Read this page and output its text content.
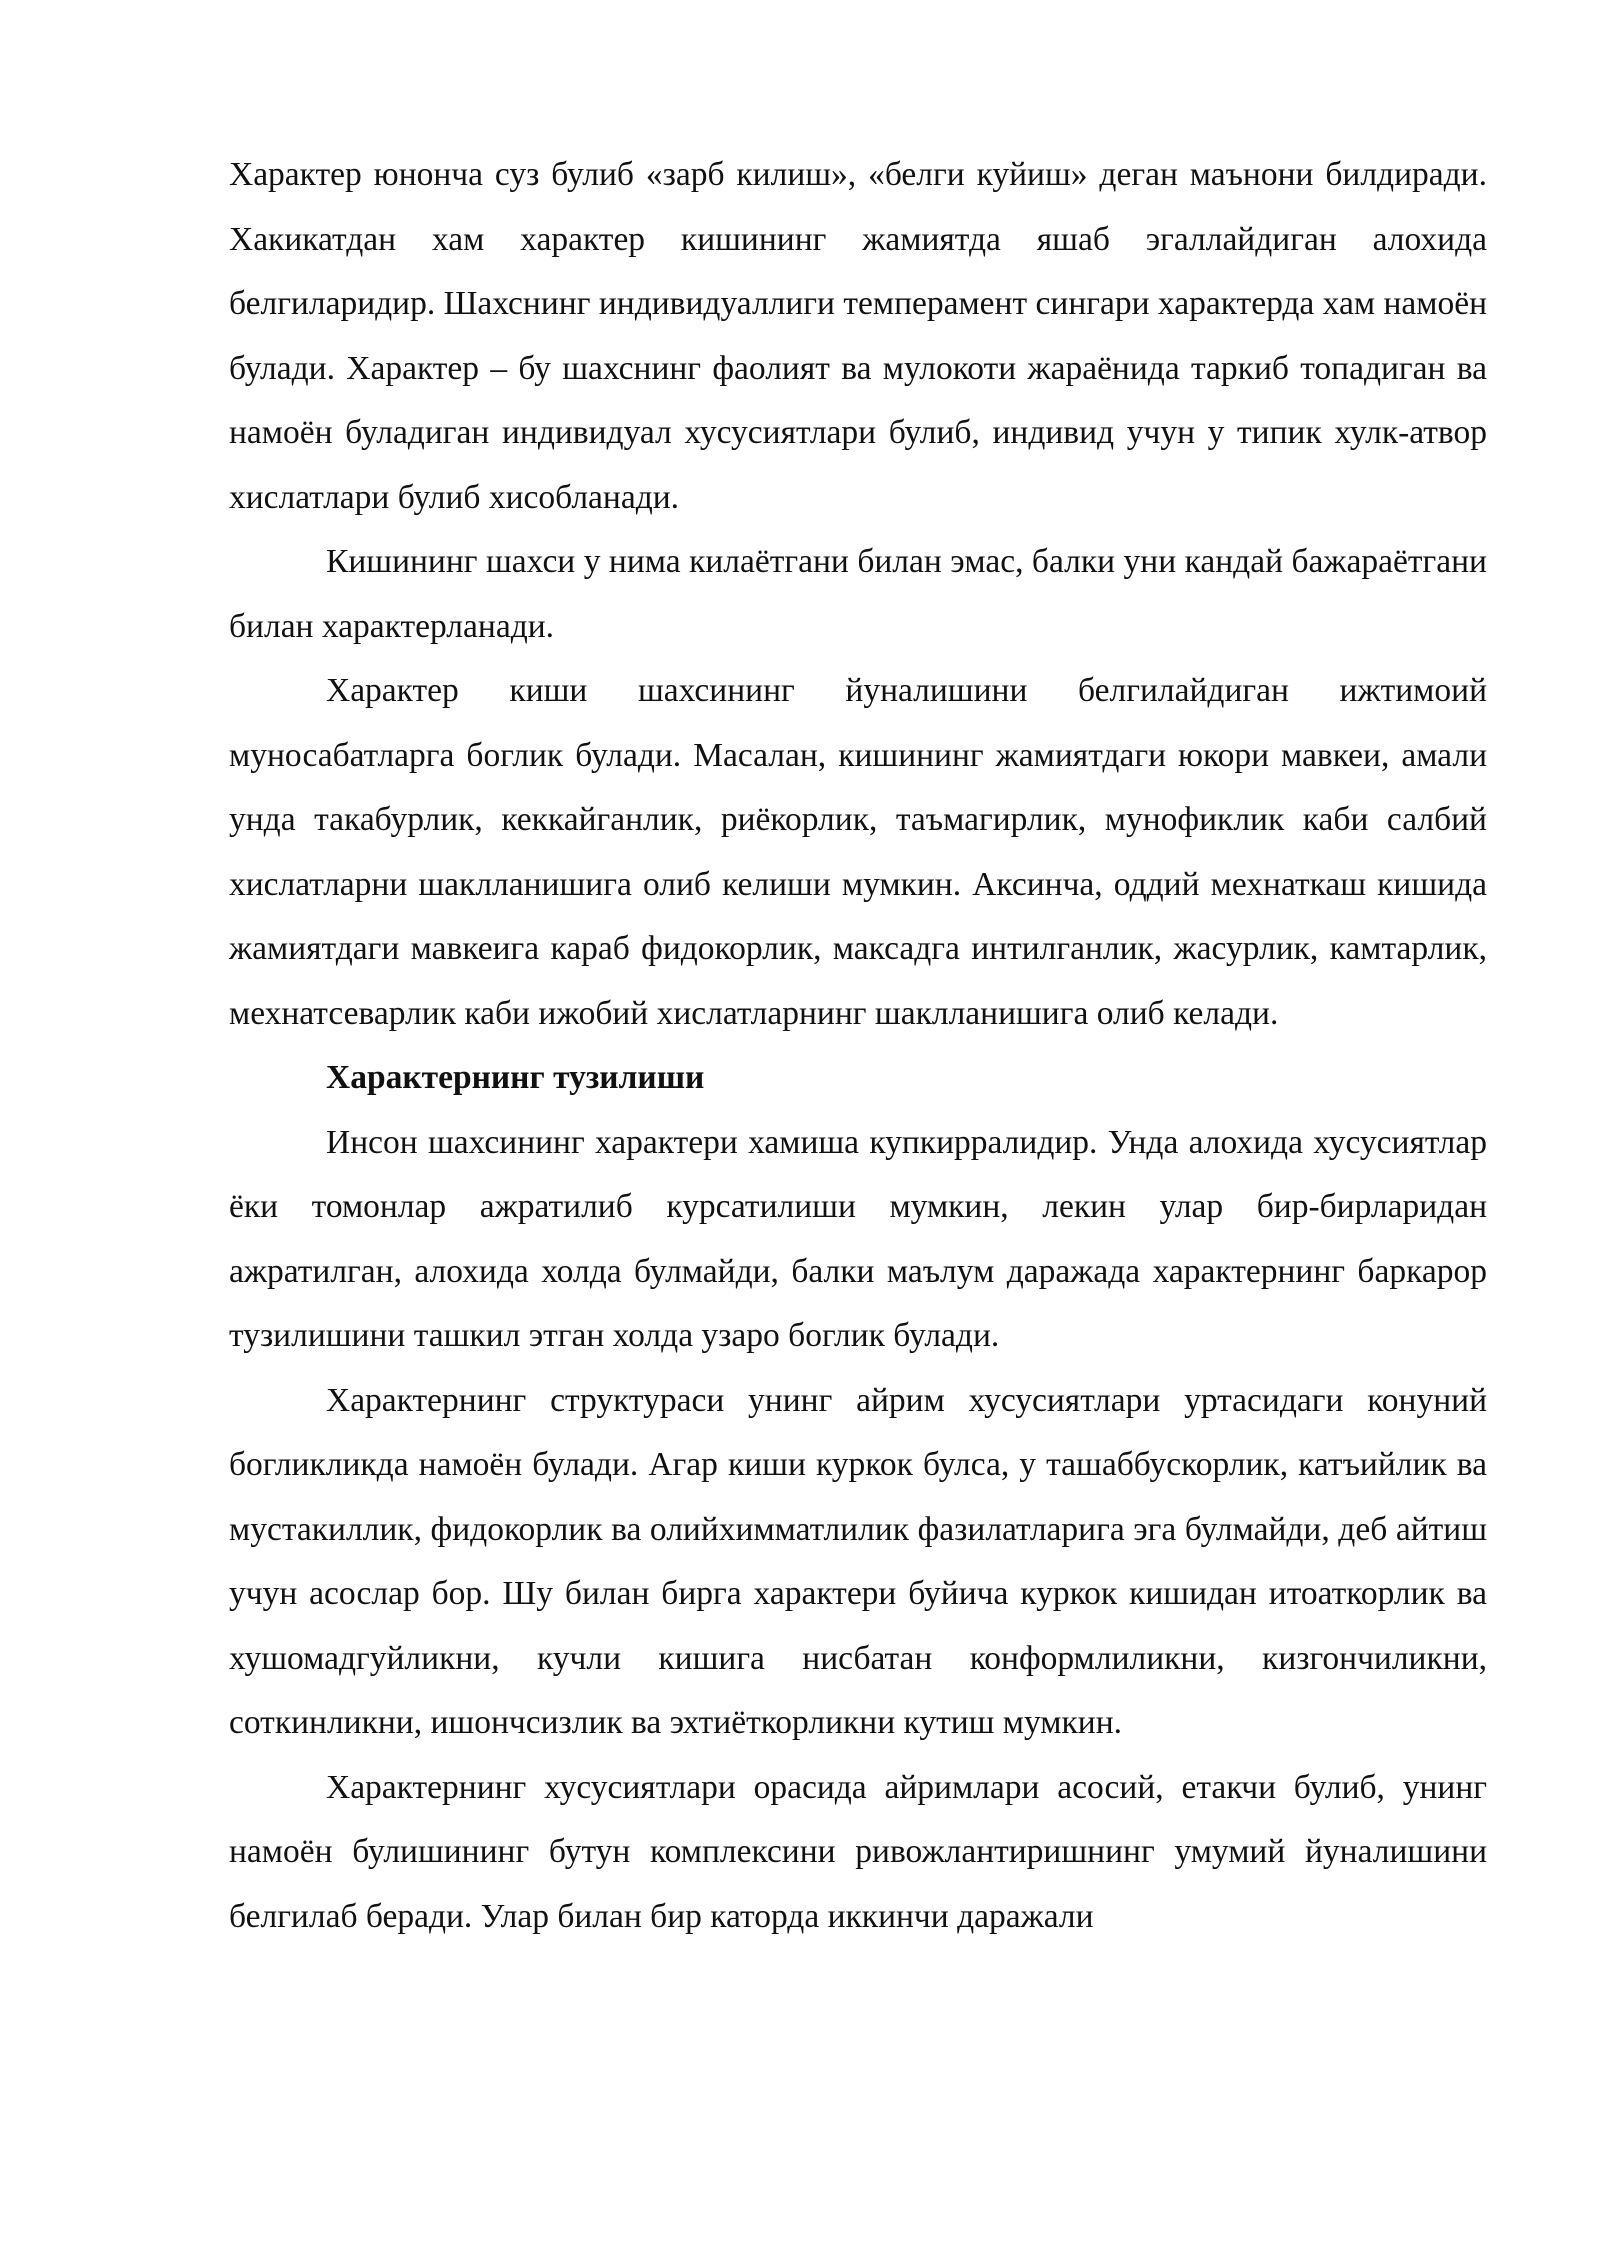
Характер юнонча суз булиб «зарб килиш», «белги куйиш» деган маънони билдиради. Хакикатдан хам характер кишининг жамиятда яшаб эгаллайдиган алохида белгиларидир. Шахснинг индивидуаллиги темперамент сингари характерда хам намоён булади. Характер – бу шахснинг фаолият ва мулокоти жараёнида таркиб топадиган ва намоён буладиган индивидуал хусусиятлари булиб, индивид учун у типик хулк-атвор хислатлари булиб хисобланади.

Кишининг шахси у нима килаётгани билан эмас, балки уни кандай бажараётгани билан характерланади.

Характер киши шахсининг йуналишини белгилайдиган ижтимоий муносабатларга боглик булади. Масалан, кишининг жамиятдаги юкори мавкеи, амали унда такабурлик, кеккайганлик, риёкорлик, таъмагирлик, мунофиклик каби салбий хислатларни шаклланишига олиб келиши мумкин. Аксинча, оддий мехнаткаш кишида жамиятдаги мавкеига караб фидокорлик, максадга интилганлик, жасурлик, камтарлик, мехнатсеварлик каби ижобий хислатларнинг шаклланишига олиб келади.

Характернинг тузилиши

Инсон шахсининг характери хамиша купкирралидир. Унда алохида хусусиятлар ёки томонлар ажратилиб курсатилиши мумкин, лекин улар бир-бирларидан ажратилган, алохида холда булмайди, балки маълум даражада характернинг баркарор тузилишини ташкил этган холда узаро боглик булади.

Характернинг структураси унинг айрим хусусиятлари уртасидаги конуний богликликда намоён булади. Агар киши куркок булса, у ташаббускорлик, катъийлик ва мустакиллик, фидокорлик ва олийхимматлилик фазилатларига эга булмайди, деб айтиш учун асослар бор. Шу билан бирга характери буйича куркок кишидан итоаткорлик ва хушомадгуйликни, кучли кишига нисбатан конформлиликни, кизгончиликни, соткинликни, ишончсизлик ва эхтиёткорликни кутиш мумкин.

Характернинг хусусиятлари орасида айримлари асосий, етакчи булиб, унинг намоён булишининг бутун комплексини ривожлантиришнинг умумий йуналишини белгилаб беради. Улар билан бир каторда иккинчи даражали
